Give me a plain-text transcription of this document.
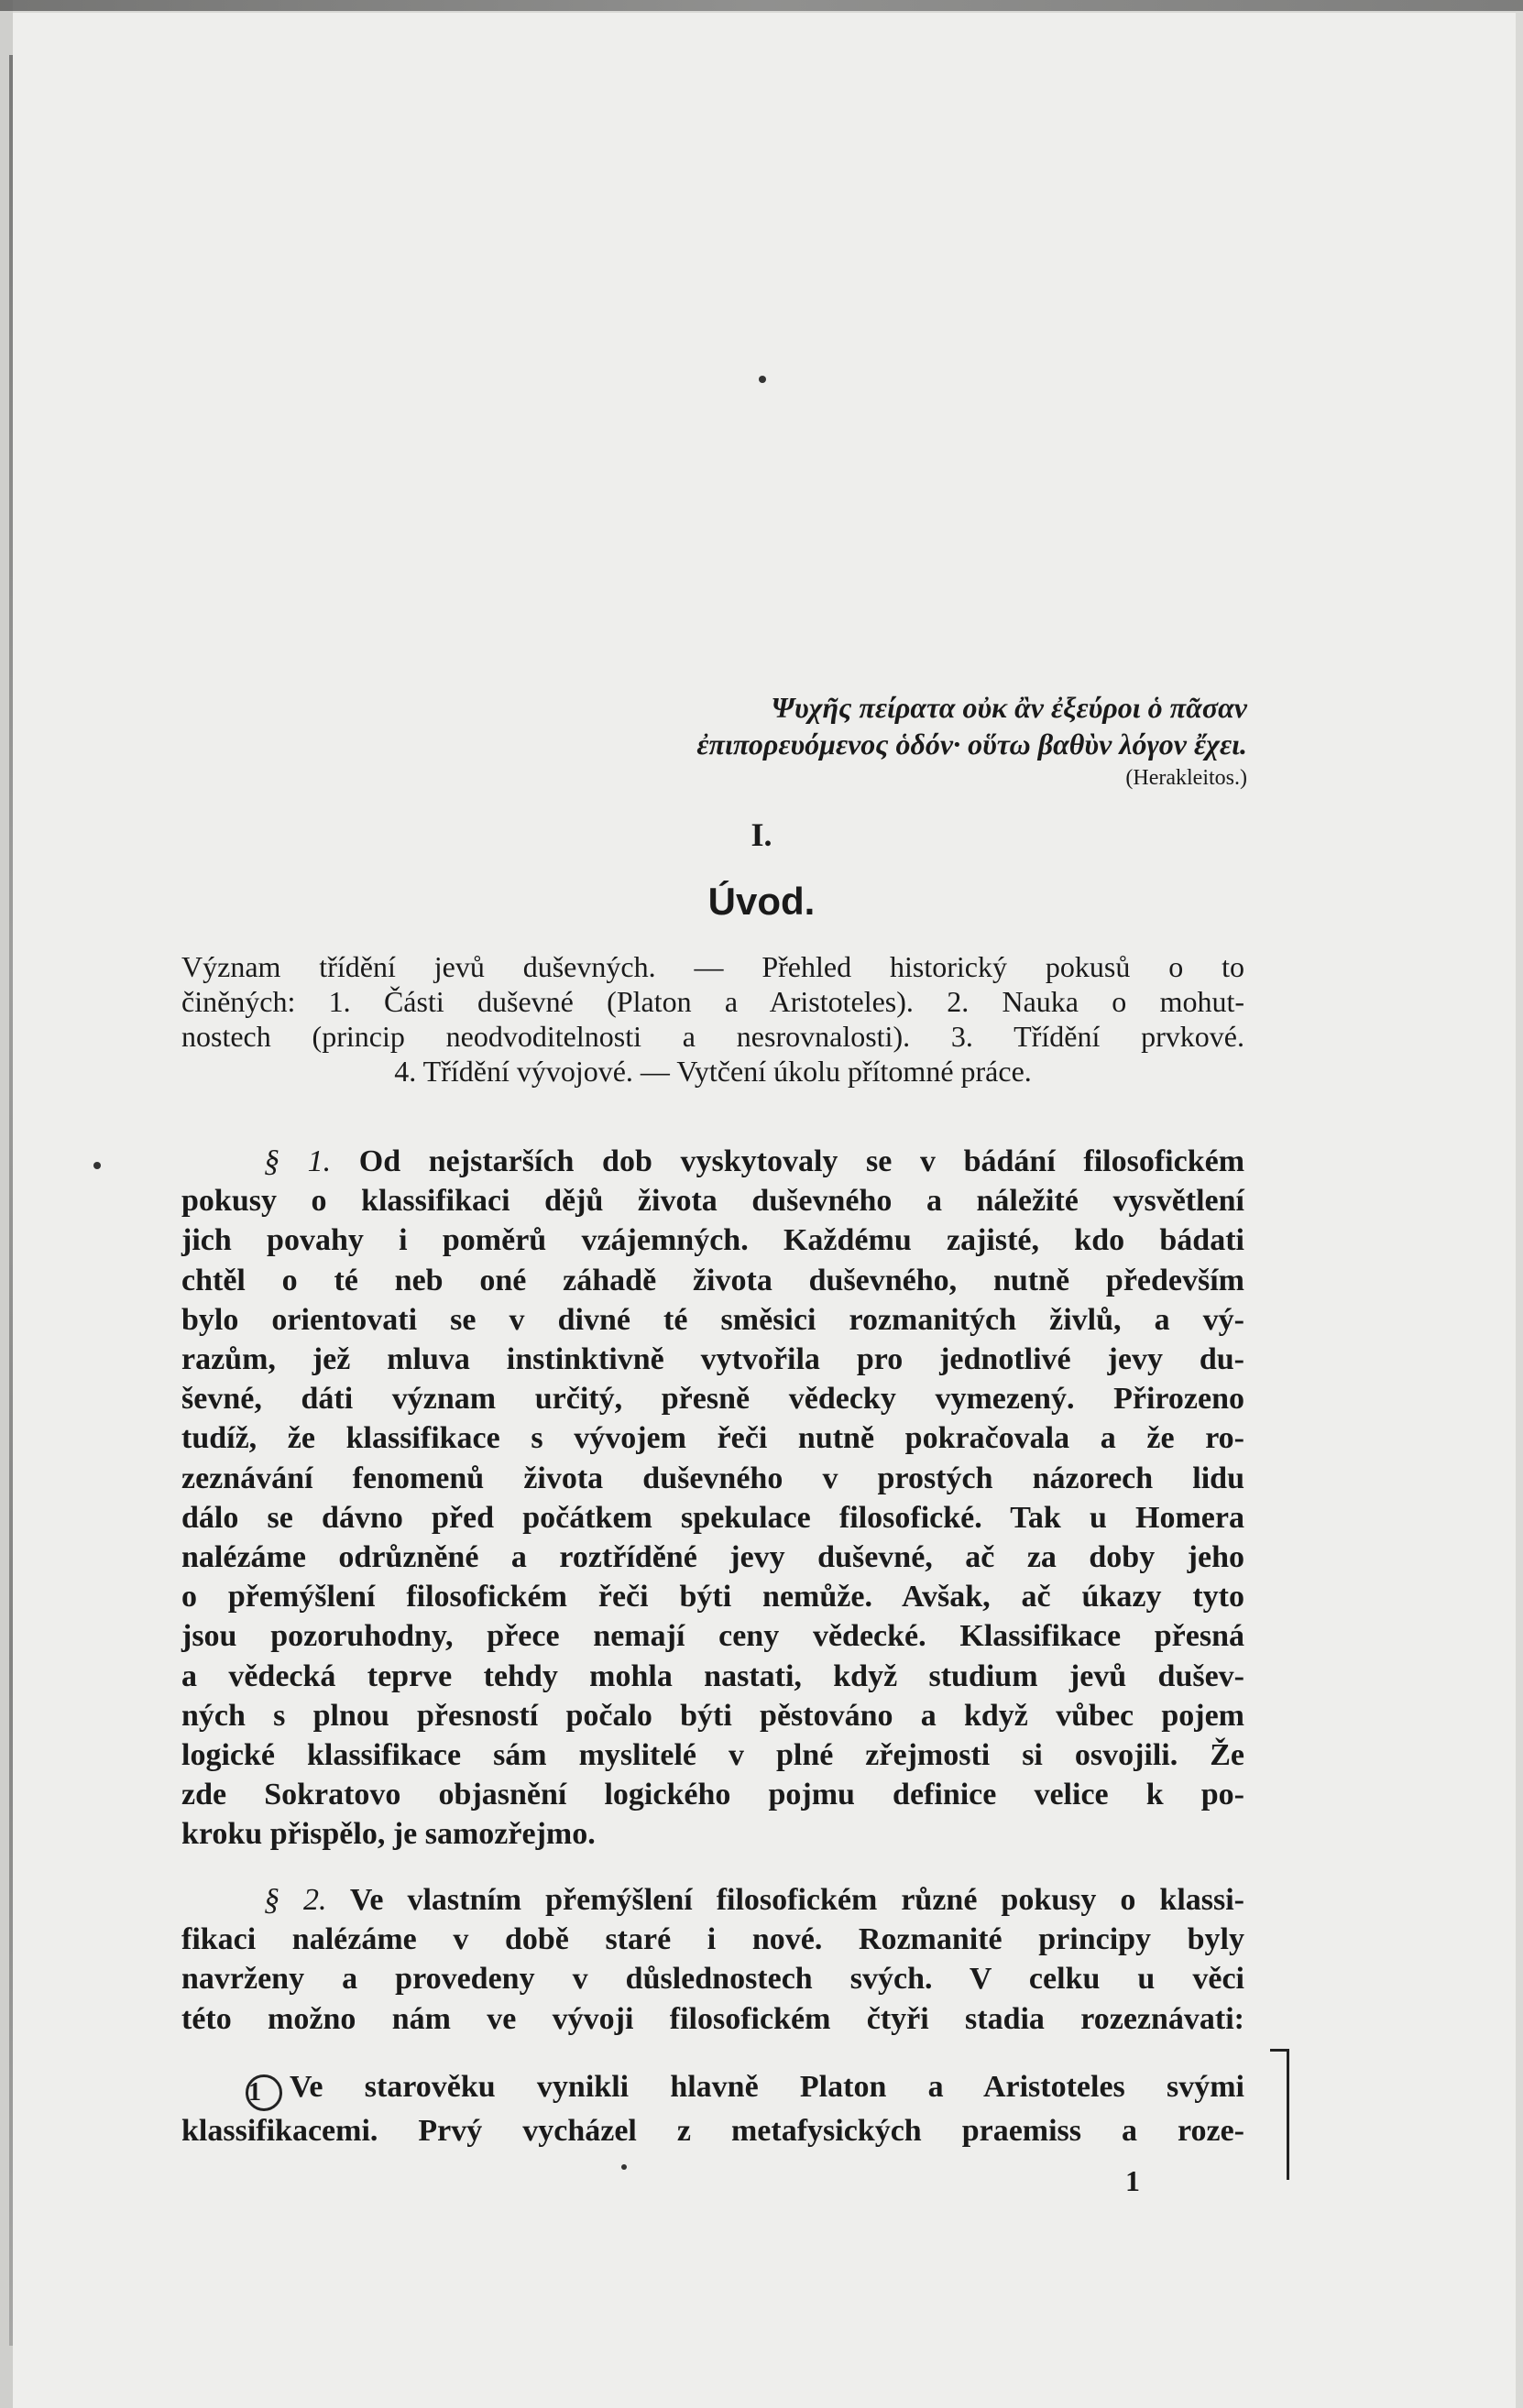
Ψυχῆς πείρατα οὐκ ἂν ἐξεύροι ὁ πᾶσαν
ἐπιπορευόμενος ὁδόν· οὕτω βαθὺν λόγον ἔχει.
(Herakleitos.)
I.
Úvod.
Význam třídění jevů duševných. — Přehled historický pokusů o to
činěných: 1. Části duševné (Platon a Aristoteles). 2. Nauka o mohut-
nostech (princip neodvoditelnosti a nesrovnalosti). 3. Třídění prvkové.
4. Třídění vývojové. — Vytčení úkolu přítomné práce.
§ 1. Od nejstarších dob vyskytovaly se v bádání filosofickém
pokusy o klassifikaci dějů života duševného a náležité vysvětlení
jich povahy i poměrů vzájemných. Každému zajisté, kdo bádati
chtěl o té neb oné záhadě života duševného, nutně především
bylo orientovati se v divné té směsici rozmanitých živlů, a vý-
razům, jež mluva instinktivně vytvořila pro jednotlivé jevy du-
ševné, dáti význam určitý, přesně vědecky vymezený. Přirozeno
tudíž, že klassifikace s vývojem řeči nutně pokračovala a že ro-
zeznávání fenomenů života duševného v prostých názorech lidu
dálo se dávno před počátkem spekulace filosofické. Tak u Homera
nalézáme odrůzněné a roztříděné jevy duševné, ač za doby jeho
o přemýšlení filosofickém řeči býti nemůže. Avšak, ač úkazy tyto
jsou pozoruhodny, přece nemají ceny vědecké. Klassifikace přesná
a vědecká teprve tehdy mohla nastati, když studium jevů dušev-
ných s plnou přesností počalo býti pěstováno a když vůbec pojem
logické klassifikace sám myslitelé v plné zřejmosti si osvojili. Že
zde Sokratovo objasnění logického pojmu definice velice k po-
kroku přispělo, je samozřejmo.
§ 2. Ve vlastním přemýšlení filosofickém různé pokusy o klassi-
fikaci nalézáme v době staré i nové. Rozmanité principy byly
navrženy a provedeny v důslednostech svých. V celku u věci
této možno nám ve vývoji filosofickém čtyři stadia rozeznávati:
1 Ve starověku vynikli hlavně Platon a Aristoteles svými
klassifikacemi. Prvý vycházel z metafysických praemiss a roze-
1
